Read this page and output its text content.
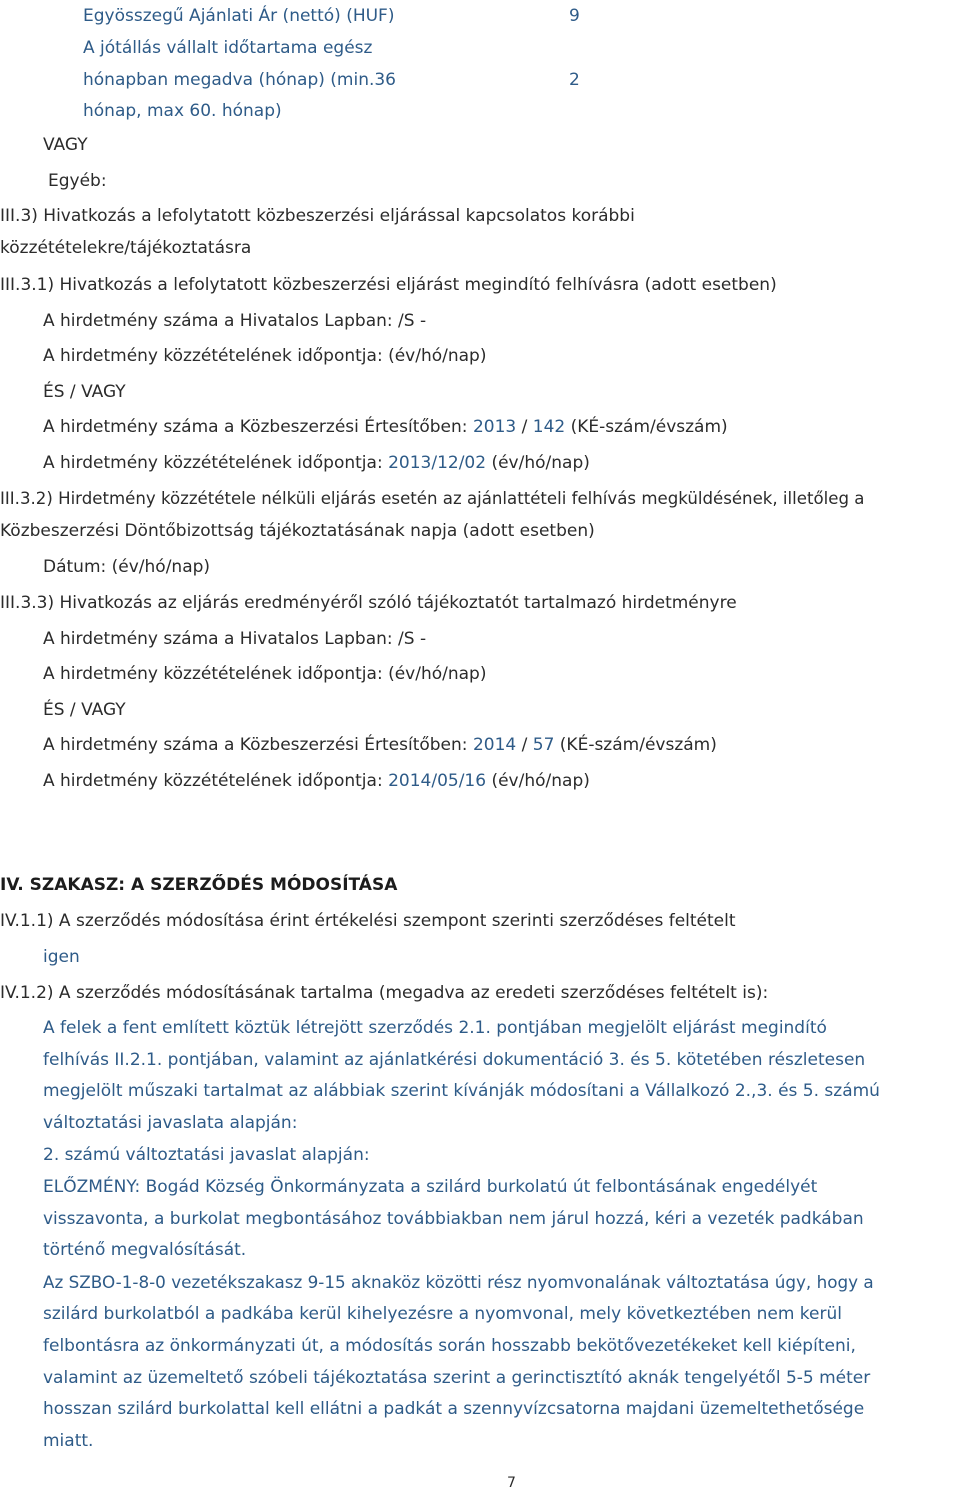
Egyösszegű Ajánlati Ár (nettó) (HUF)	9
A jótállás vállalt időtartama egész
hónapban megadva (hónap) (min.36	2
hónap, max 60. hónap)
VAGY
Egyéb:
III.3) Hivatkozás a lefolytatott közbeszerzési eljárással kapcsolatos korábbi
közzétételekre/tájékoztatásra
III.3.1) Hivatkozás a lefolytatott közbeszerzési eljárást megindító felhívásra (adott esetben)
A hirdetmény száma a Hivatalos Lapban: /S -
A hirdetmény közzétételének időpontja: (év/hó/nap)
ÉS / VAGY
A hirdetmény száma a Közbeszerzési Értesítőben: 2013 / 142 (KÉ-szám/évszám)
A hirdetmény közzétételének időpontja: 2013/12/02 (év/hó/nap)
III.3.2) Hirdetmény közzététele nélküli eljárás esetén az ajánlattételi felhívás megküldésének, illetőleg a
Közbeszerzési Döntőbizottság tájékoztatásának napja (adott esetben)
Dátum: (év/hó/nap)
III.3.3) Hivatkozás az eljárás eredményéről szóló tájékoztatót tartalmazó hirdetményre
A hirdetmény száma a Hivatalos Lapban: /S -
A hirdetmény közzétételének időpontja: (év/hó/nap)
ÉS / VAGY
A hirdetmény száma a Közbeszerzési Értesítőben: 2014 / 57 (KÉ-szám/évszám)
A hirdetmény közzétételének időpontja: 2014/05/16 (év/hó/nap)
IV. SZAKASZ: A SZERZŐDÉS MÓDOSÍTÁSA
IV.1.1) A szerződés módosítása érint értékelési szempont szerinti szerződéses feltételt
igen
IV.1.2) A szerződés módosításának tartalma (megadva az eredeti szerződéses feltételt is):
A felek a fent említett köztük létrejött szerződés 2.1. pontjában megjelölt eljárást megindító
felhívás II.2.1. pontjában, valamint az ajánlatkérési dokumentáció 3. és 5. kötetében részletesen
megjelölt műszaki tartalmat az alábbiak szerint kívánják módosítani a Vállalkozó 2.,3. és 5. számú
változtatási javaslata alapján:
2. számú változtatási javaslat alapján:
ELŐZMÉNY: Bogád Község Önkormányzata a szilárd burkolatú út felbontásának engedélyét
visszavonta, a burkolat megbontásához továbbiakban nem járul hozzá, kéri a vezeték padkában
történő megvalósítását.
Az SZBO-1-8-0 vezetékszakasz 9-15 aknaköz közötti rész nyomvonalának változtatása úgy, hogy a
szilárd burkolatból a padkába kerül kihelyezésre a nyomvonal, mely következtében nem kerül
felbontásra az önkormányzati út, a módosítás során hosszabb bekötővezetékeket kell kiépíteni,
valamint az üzemeltető szóbeli tájékoztatása szerint a gerinctisztító aknák tengelyétől 5-5 méter
hosszan szilárd burkolattal kell ellátni a padkát a szennyvízcsatorna majdani üzemeltethetősége
miatt.
7
